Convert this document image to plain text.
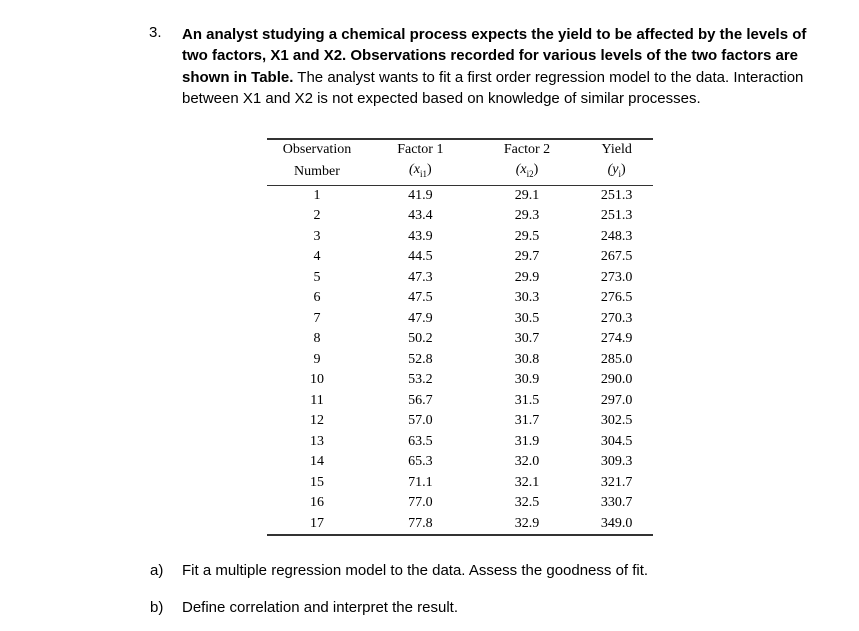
3. An analyst studying a chemical process expects the yield to be affected by the levels of two factors, X1 and X2. Observations recorded for various levels of the two factors are shown in Table. The analyst wants to fit a first order regression model to the data. Interaction between X1 and X2 is not expected based on knowledge of similar processes.
Observation	Factor 1	Factor 2	Yield
Number	$(x_{i1})$	$(x_{i2})$	$(y_i)$
1	41.9	29.1	251.3
2	43.4	29.3	251.3
3	43.9	29.5	248.3
4	44.5	29.7	267.5
5	47.3	29.9	273.0
6	47.5	30.3	276.5
7	47.9	30.5	270.3
8	50.2	30.7	274.9
9	52.8	30.8	285.0
10	53.2	30.9	290.0
11	56.7	31.5	297.0
12	57.0	31.7	302.5
13	63.5	31.9	304.5
14	65.3	32.0	309.3
15	71.1	32.1	321.7
16	77.0	32.5	330.7
17	77.8	32.9	349.0
a) Fit a multiple regression model to the data. Assess the goodness of fit.
b) Define correlation and interpret the result.
